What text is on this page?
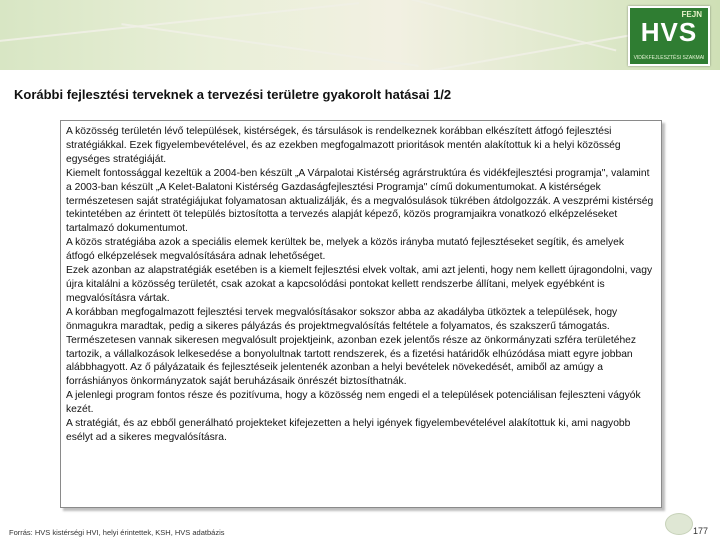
FEJN
HVS
VIDÉKFEJLESZTÉSI SZAKMAI
Korábbi fejlesztési terveknek a tervezési területre gyakorolt hatásai 1/2

A közösség területén lévő települések, kistérségek, és társulások is rendelkeznek korábban elkészített átfogó fejlesztési stratégiákkal. Ezek figyelembevételével, és az ezekben megfogalmazott prioritások mentén alakítottuk ki a helyi közösség egységes stratégiáját.

Kiemelt fontossággal kezeltük a 2004-ben készült „A Várpalotai Kistérség agrárstruktúra és vidékfejlesztési programja", valamint a 2003-ban készült „A Kelet-Balatoni Kistérség Gazdaságfejlesztési Programja" című dokumentumokat. A kistérségek természetesen saját stratégiájukat folyamatosan aktualizálják, és a megvalósulások tükrében átdolgozzák. A veszprémi kistérség tekintetében az érintett öt település biztosította a tervezés alapját képező, közös programjaikra vonatkozó elképzeléseket tartalmazó dokumentumot.

A közös stratégiába azok a speciális elemek kerültek be, melyek a közös irányba mutató fejlesztéseket segítik, és amelyek átfogó elképzelések megvalósítására adnak lehetőséget.

Ezek azonban az alapstratégiák esetében is a kiemelt fejlesztési elvek voltak, ami azt jelenti, hogy nem kellett újragondolni, vagy újra kitalálni a közösség területét, csak azokat a kapcsolódási pontokat kellett rendszerbe állítani, melyek egyébként is megvalósításra vártak.

A korábban megfogalmazott fejlesztési tervek megvalósításakor sokszor abba az akadályba ütköztek a települések, hogy önmagukra maradtak, pedig a sikeres pályázás és projektmegvalósítás feltétele a folyamatos, és szakszerű támogatás. Természetesen vannak sikeresen megvalósult projektjeink, azonban ezek jelentős része az önkormányzati szféra területéhez tartozik, a vállalkozások lelkesedése a bonyolultnak tartott rendszerek, és a fizetési határidők elhúzódása miatt egyre jobban alábbhagyott. Az ő pályázataik és fejlesztéseik jelentenék azonban a helyi bevételek növekedését, amiből az amúgy a forráshiányos önkormányzatok saját beruházásaik önrészét biztosíthatnák.

A jelenlegi program fontos része és pozitívuma, hogy a közösség nem engedi el a települések potenciálisan fejleszteni vágyók kezét.

A stratégiát, és az ebből generálható projekteket kifejezetten a helyi igények figyelembevételével alakítottuk ki, ami nagyobb esélyt ad a sikeres megvalósításra.

Forrás: HVS kistérségi HVI, helyi érintettek, KSH, HVS adatbázis	177
